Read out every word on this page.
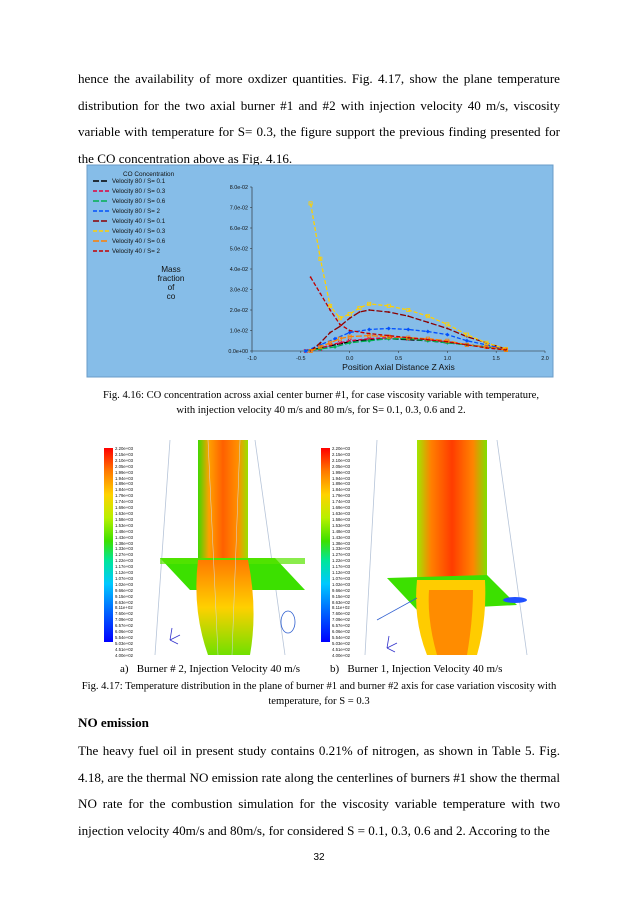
hence the availability of more oxdizer quantities. Fig. 4.17, show the plane temperature distribution for the two axial burner #1 and #2 with injection velocity 40 m/s, viscosity variable with temperature for S= 0.3, the figure support the previous finding presented for the CO concentration above as Fig. 4.16.

CO Concentration
Velocity 80 / S= 0.1
Velocity 80 / S= 0.3
Velocity 80 / S= 0.6
Velocity 80 / S= 2
Velocity 40 / S= 0.1
Velocity 40 / S= 0.3
Velocity 40 / S= 0.6
Velocity 40 / S= 2
Mass
fraction
of
co
0.0e+00
1.0e-02
2.0e-02
3.0e-02
4.0e-02
5.0e-02
6.0e-02
7.0e-02
8.0e-02
-1.0	-0.5	0.0	0.5	1.0	1.5	2.0
Position Axial Distance Z Axis

Fig. 4.16: CO concentration across axial center burner #1, for case viscosity variable with temperature, with injection velocity 40 m/s and 80 m/s, for S= 0.1, 0.3, 0.6 and 2.

2.20e+03
2.15e+03
2.10e+03
2.05e+03
1.99e+03
1.94e+03
1.89e+03
1.84e+03
1.79e+03
1.74e+03
1.69e+03
1.63e+03
1.58e+03
1.53e+03
1.48e+03
1.43e+03
1.38e+03
1.33e+03
1.27e+03
1.22e+03
1.17e+03
1.12e+03
1.07e+03
1.02e+03
9.66e+02
9.15e+02
8.63e+02
8.11e+02
7.60e+02
7.09e+02
6.57e+02
6.06e+02
5.54e+02
5.03e+02
4.51e+02
4.00e+02
2.20e+03
2.15e+03
2.10e+03
2.05e+03
1.99e+03
1.94e+03
1.89e+03
1.84e+03
1.79e+03
1.74e+03
1.69e+03
1.63e+03
1.58e+03
1.53e+03
1.48e+03
1.43e+03
1.38e+03
1.33e+03
1.27e+03
1.22e+03
1.17e+03
1.12e+03
1.07e+03
1.02e+03
9.66e+02
9.15e+02
8.63e+02
8.11e+02
7.60e+02
7.09e+02
6.57e+02
6.06e+02
5.54e+02
5.03e+02
4.51e+02
4.00e+02

a)   Burner # 2, Injection Velocity 40 m/s	b)   Burner 1, Injection Velocity 40 m/s

Fig. 4.17: Temperature distribution in the plane of burner #1 and burner #2 axis for case variation viscosity with temperature, for S = 0.3

NO emission

The heavy fuel oil in present study contains 0.21% of nitrogen, as shown in Table 5. Fig. 4.18, are the thermal NO emission rate along the centerlines of burners #1 show the thermal NO rate for the combustion simulation for the viscosity variable temperature with two injection velocity 40m/s and 80m/s, for considered S = 0.1, 0.3, 0.6 and 2. Accoring to the

32
